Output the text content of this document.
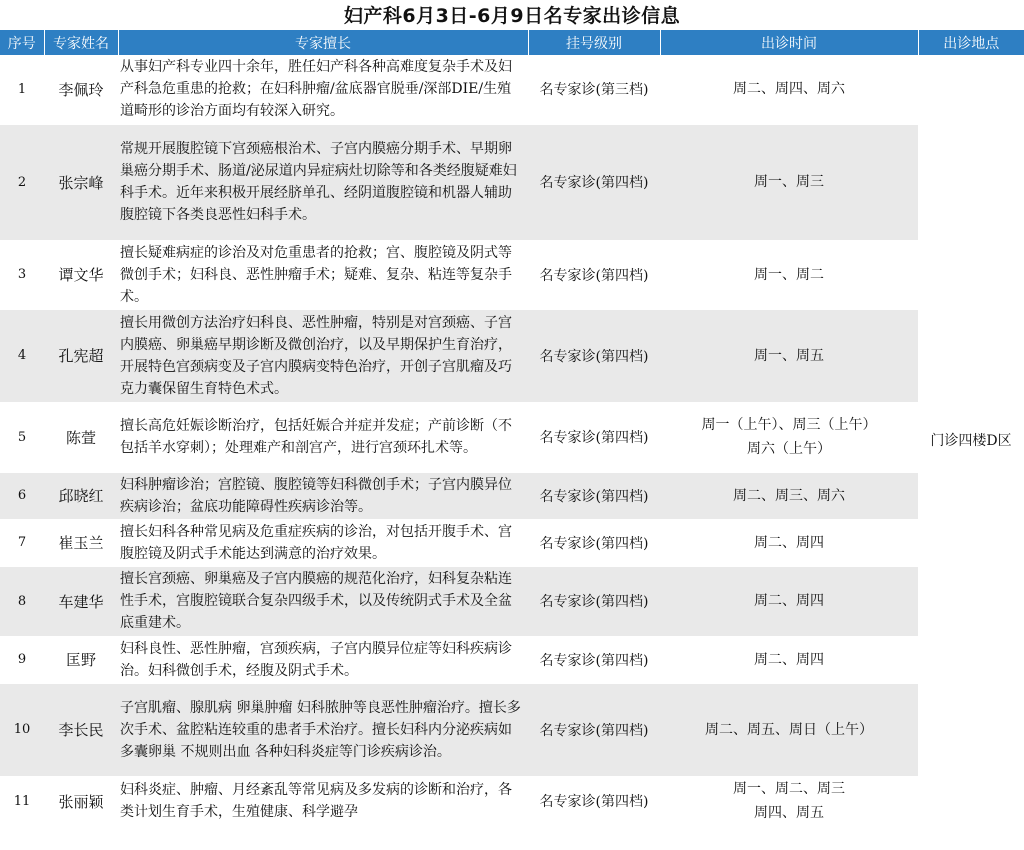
妇产科6月3日-6月9日名专家出诊信息
序号	专家姓名	专家擅长	挂号级别	出诊时间	出诊地点
1	李佩玲	从事妇产科专业四十余年，胜任妇产科各种高难度复杂手术及妇产科急危重患的抢救；在妇科肿瘤/盆底器官脱垂/深部DIE/生殖道畸形的诊治方面均有较深入研究。	名专家诊(第三档)	周二、周四、周六	门诊四楼D区
2	张宗峰	常规开展腹腔镜下宫颈癌根治术、子宫内膜癌分期手术、早期卵巢癌分期手术、肠道/泌尿道内异症病灶切除等和各类经腹疑难妇科手术。近年来积极开展经脐单孔、经阴道腹腔镜和机器人辅助腹腔镜下各类良恶性妇科手术。	名专家诊(第四档)	周一、周三	

3	谭文华	擅长疑难病症的诊治及对危重患者的抢救；宫、腹腔镜及阴式等微创手术；妇科良、恶性肿瘤手术；疑难、复杂、粘连等复杂手术。	名专家诊(第四档)	周一、周二	

4	孔宪超	擅长用微创方法治疗妇科良、恶性肿瘤，特别是对宫颈癌、子宫内膜癌、卵巢癌早期诊断及微创治疗，以及早期保护生育治疗，开展特色宫颈病变及子宫内膜病变特色治疗，开创子宫肌瘤及巧克力囊保留生育特色术式。	名专家诊(第四档)	周一、周五	

5	陈萱	擅长高危妊娠诊断治疗，包括妊娠合并症并发症；产前诊断（不包括羊水穿刺）；处理难产和剖宫产，进行宫颈环扎术等。	名专家诊(第四档)	周一（上午）、周三（上午）
周六（上午）	

6	邱晓红	妇科肿瘤诊治；宫腔镜、腹腔镜等妇科微创手术；子宫内膜异位疾病诊治；盆底功能障碍性疾病诊治等。	名专家诊(第四档)	周二、周三、周六	

7	崔玉兰	擅长妇科各种常见病及危重症疾病的诊治，对包括开腹手术、宫腹腔镜及阴式手术能达到满意的治疗效果。	名专家诊(第四档)	周二、周四	

8	车建华	擅长宫颈癌、卵巢癌及子宫内膜癌的规范化治疗，妇科复杂粘连性手术，宫腹腔镜联合复杂四级手术，以及传统阴式手术及全盆底重建术。	名专家诊(第四档)	周二、周四	

9	匡野	妇科良性、恶性肿瘤，宫颈疾病，子宫内膜异位症等妇科疾病诊治。妇科微创手术，经腹及阴式手术。	名专家诊(第四档)	周二、周四	

10	李长民	子宫肌瘤、腺肌病 卵巢肿瘤 妇科脓肿等良恶性肿瘤治疗。擅长多次手术、盆腔粘连较重的患者手术治疗。擅长妇科内分泌疾病如多囊卵巢 不规则出血 各种妇科炎症等门诊疾病诊治。	名专家诊(第四档)	周二、周五、周日（上午）	

11	张丽颖	妇科炎症、肿瘤、月经紊乱等常见病及多发病的诊断和治疗，各类计划生育手术，生殖健康、科学避孕	名专家诊(第四档)	周一、周二、周三
周四、周五	
